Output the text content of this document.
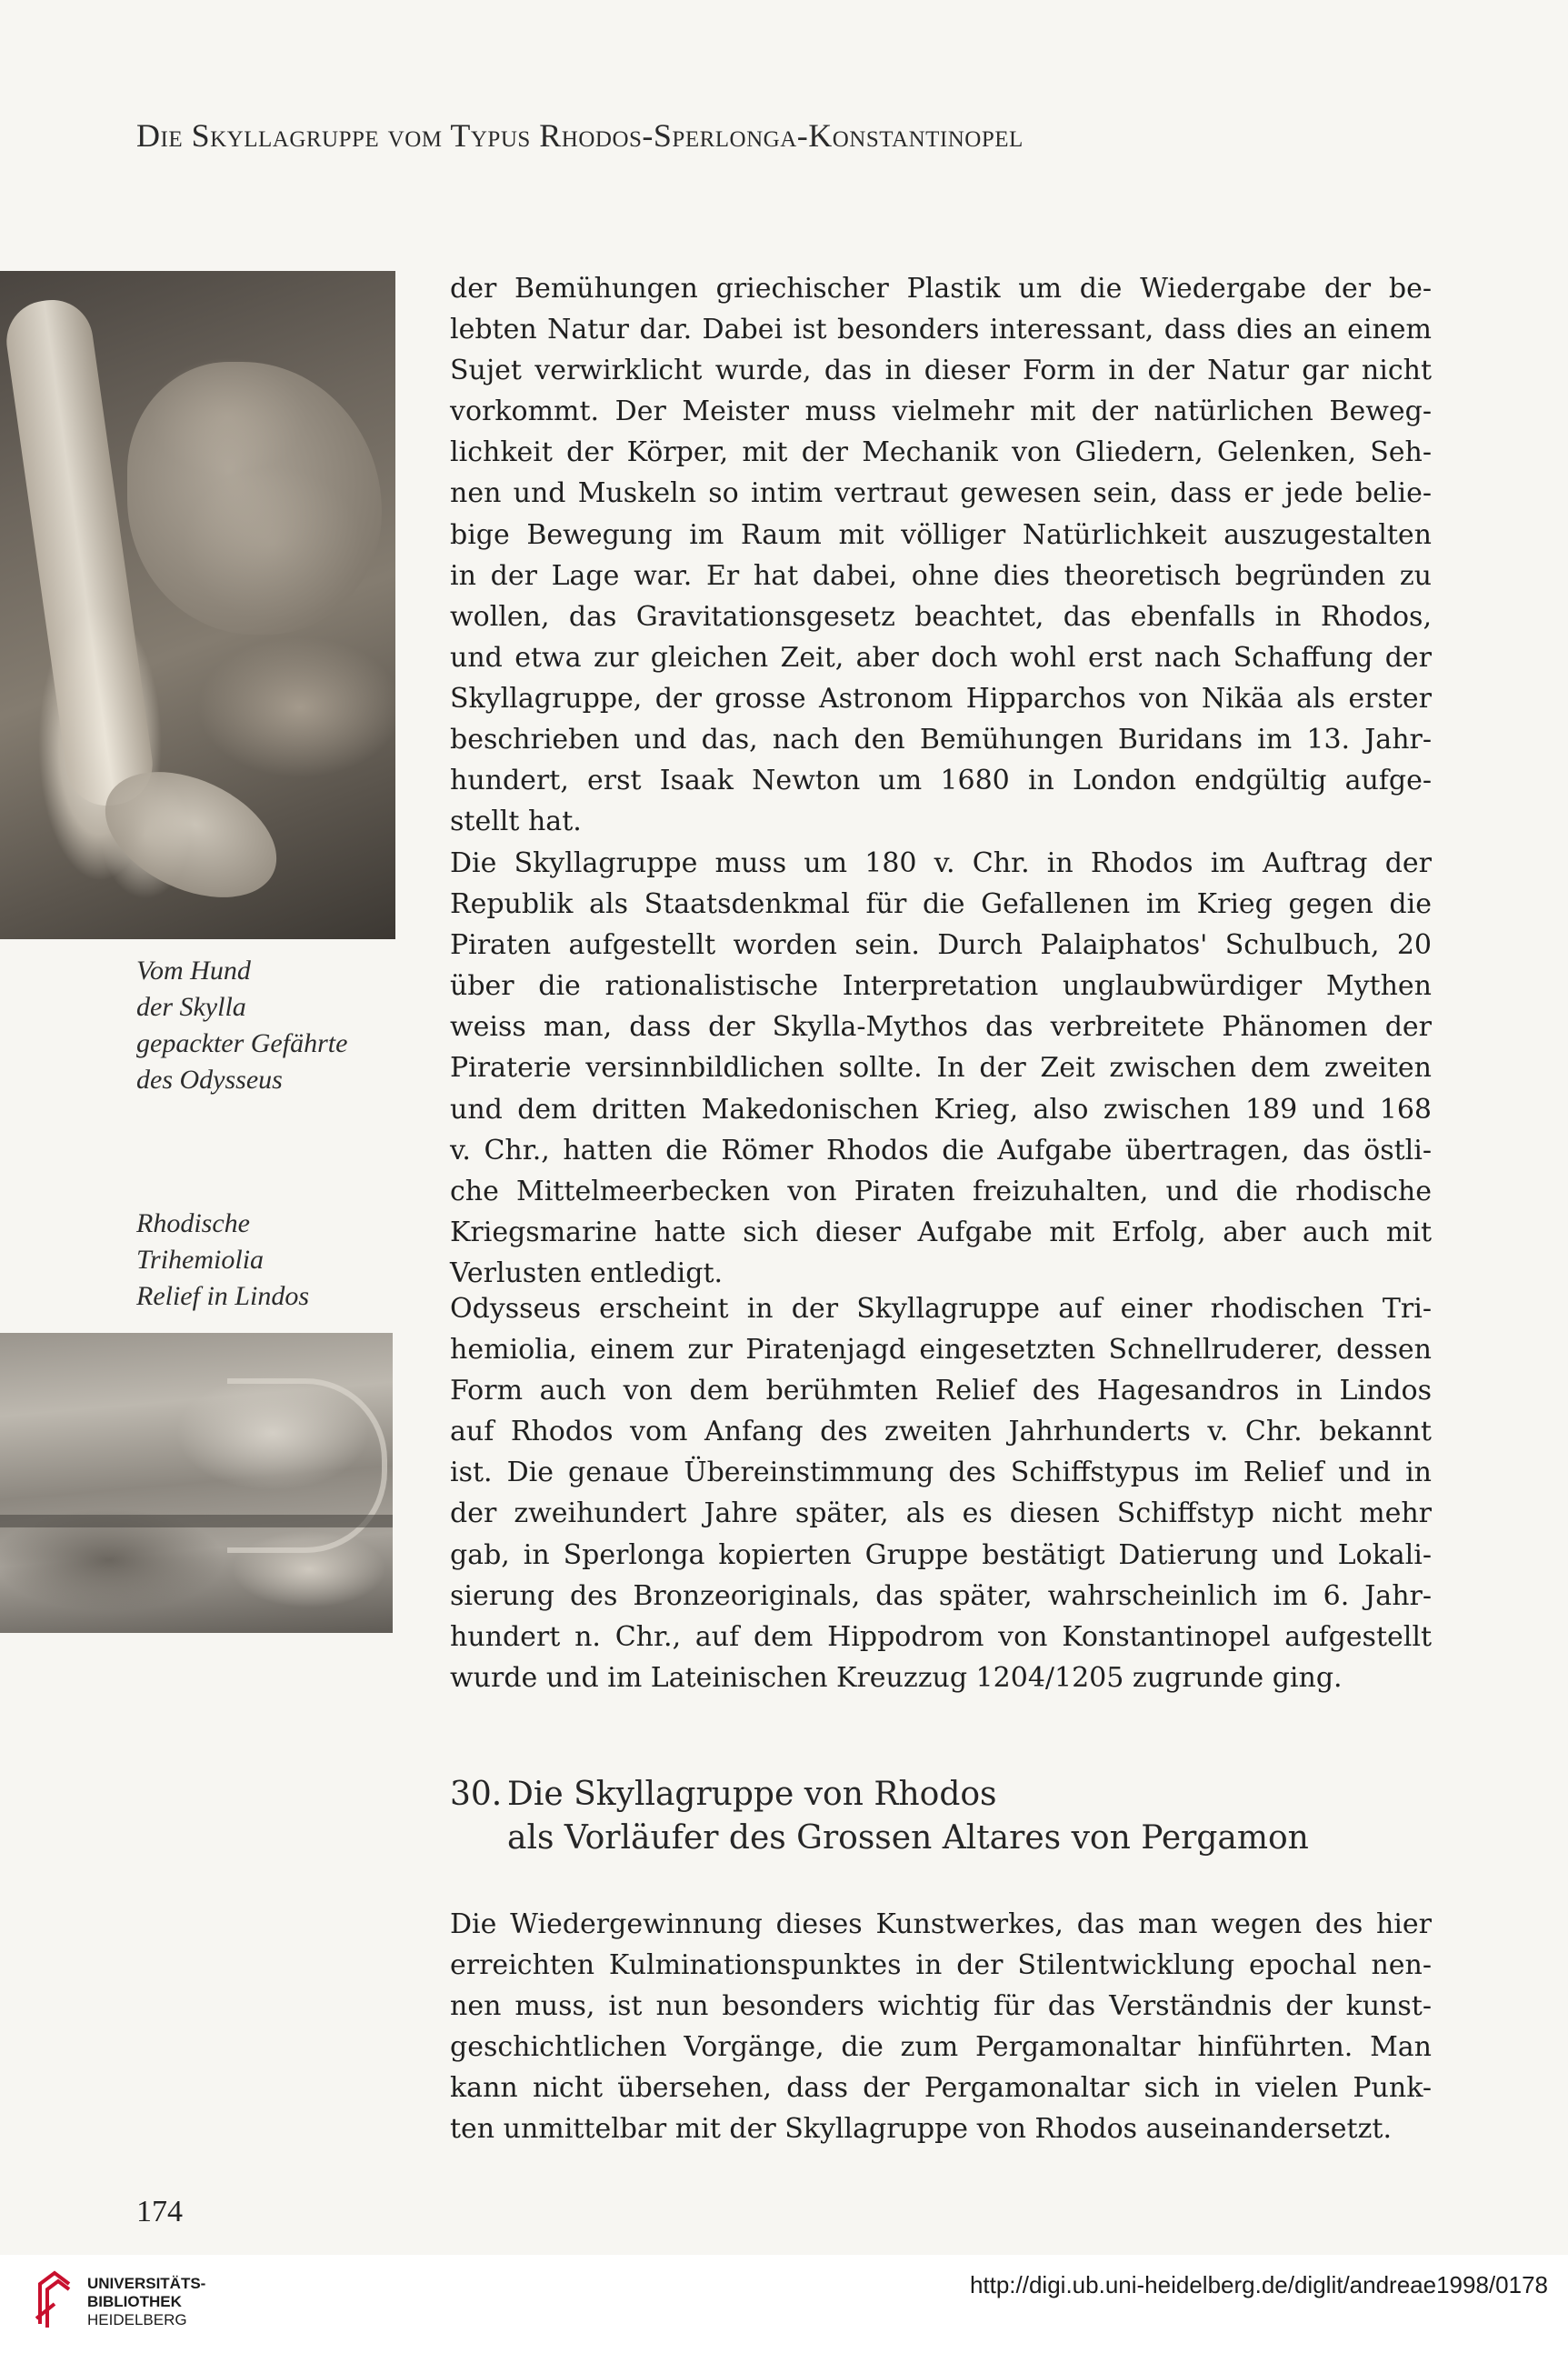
Die Skyllagruppe vom Typus Rhodos-Sperlonga-Konstantinopel
Vom Hund
der Skylla
gepackter Gefährte
des Odysseus
Rhodische
Trihemiolia
Relief in Lindos
der Bemühungen griechischer Plastik um die Wiedergabe der be-
lebten Natur dar. Dabei ist besonders interessant, dass dies an einem
Sujet verwirklicht wurde, das in dieser Form in der Natur gar nicht
vorkommt. Der Meister muss vielmehr mit der natürlichen Beweg-
lichkeit der Körper, mit der Mechanik von Gliedern, Gelenken, Seh-
nen und Muskeln so intim vertraut gewesen sein, dass er jede belie-
bige Bewegung im Raum mit völliger Natürlichkeit auszugestalten
in der Lage war. Er hat dabei, ohne dies theoretisch begründen zu
wollen, das Gravitationsgesetz beachtet, das ebenfalls in Rhodos,
und etwa zur gleichen Zeit, aber doch wohl erst nach Schaffung der
Skyllagruppe, der grosse Astronom Hipparchos von Nikäa als erster
beschrieben und das, nach den Bemühungen Buridans im 13. Jahr-
hundert, erst Isaak Newton um 1680 in London endgültig aufge-
stellt hat.
Die Skyllagruppe muss um 180 v. Chr. in Rhodos im Auftrag der
Republik als Staatsdenkmal für die Gefallenen im Krieg gegen die
Piraten aufgestellt worden sein. Durch Palaiphatos' Schulbuch, 20
über die rationalistische Interpretation unglaubwürdiger Mythen
weiss man, dass der Skylla-Mythos das verbreitete Phänomen der
Piraterie versinnbildlichen sollte. In der Zeit zwischen dem zweiten
und dem dritten Makedonischen Krieg, also zwischen 189 und 168
v. Chr., hatten die Römer Rhodos die Aufgabe übertragen, das östli-
che Mittelmeerbecken von Piraten freizuhalten, und die rhodische
Kriegsmarine hatte sich dieser Aufgabe mit Erfolg, aber auch mit
Verlusten entledigt.
Odysseus erscheint in der Skyllagruppe auf einer rhodischen Tri-
hemiolia, einem zur Piratenjagd eingesetzten Schnellruderer, dessen
Form auch von dem berühmten Relief des Hagesandros in Lindos
auf Rhodos vom Anfang des zweiten Jahrhunderts v. Chr. bekannt
ist. Die genaue Übereinstimmung des Schiffstypus im Relief und in
der zweihundert Jahre später, als es diesen Schiffstyp nicht mehr
gab, in Sperlonga kopierten Gruppe bestätigt Datierung und Lokali-
sierung des Bronzeoriginals, das später, wahrscheinlich im 6. Jahr-
hundert n. Chr., auf dem Hippodrom von Konstantinopel aufgestellt
wurde und im Lateinischen Kreuzzug 1204/1205 zugrunde ging.
30. Die Skyllagruppe von Rhodos
als Vorläufer des Grossen Altares von Pergamon
Die Wiedergewinnung dieses Kunstwerkes, das man wegen des hier
erreichten Kulminationspunktes in der Stilentwicklung epochal nen-
nen muss, ist nun besonders wichtig für das Verständnis der kunst-
geschichtlichen Vorgänge, die zum Pergamonaltar hinführten. Man
kann nicht übersehen, dass der Pergamonaltar sich in vielen Punk-
ten unmittelbar mit der Skyllagruppe von Rhodos auseinandersetzt.
174
UNIVERSITÄTS-
BIBLIOTHEK
HEIDELBERG
http://digi.ub.uni-heidelberg.de/diglit/andreae1998/0178
